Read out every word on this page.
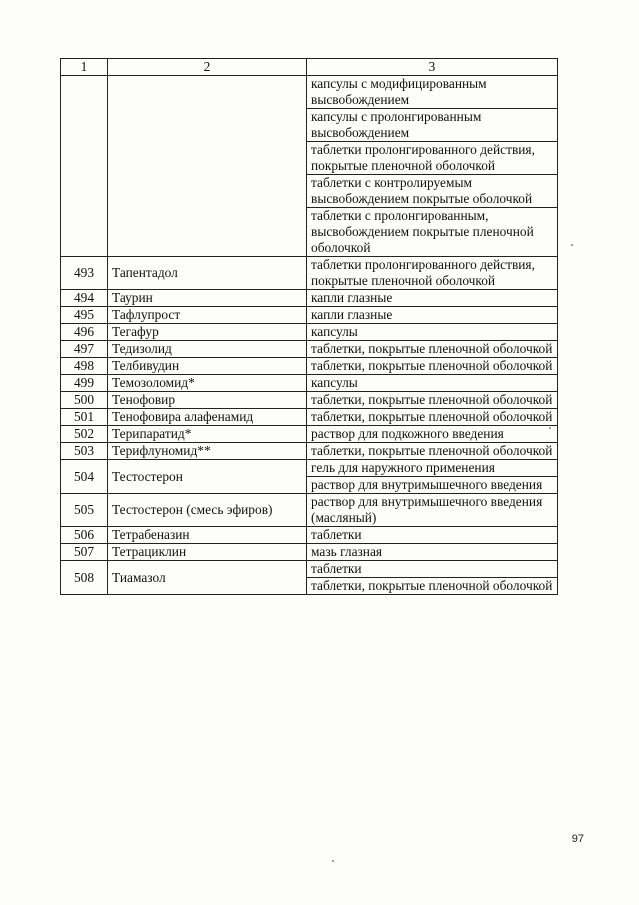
1	2	3
		капсулы с модифицированным высвобождением
		капсулы с пролонгированным высвобождением
		таблетки пролонгированного действия, покрытые пленочной оболочкой
		таблетки с контролируемым высвобождением покрытые оболочкой
		таблетки с пролонгированным, высвобождением покрытые пленочной оболочкой
493	Тапентадол	таблетки пролонгированного действия, покрытые пленочной оболочкой
494	Таурин	капли глазные
495	Тафлупрост	капли глазные
496	Тегафур	капсулы
497	Тедизолид	таблетки, покрытые пленочной оболочкой
498	Телбивудин	таблетки, покрытые пленочной оболочкой
499	Темозоломид*	капсулы
500	Тенофовир	таблетки, покрытые пленочной оболочкой
501	Тенофовира алафенамид	таблетки, покрытые пленочной оболочкой
502	Терипаратид*	раствор для подкожного введения
503	Терифлуномид**	таблетки, покрытые пленочной оболочкой
504	Тестостерон	гель для наружного применения
		раствор для внутримышечного введения
505	Тестостерон (смесь эфиров)	раствор для внутримышечного введения (масляный)
506	Тетрабеназин	таблетки
507	Тетрациклин	мазь глазная
508	Тиамазол	таблетки
		таблетки, покрытые пленочной оболочкой
97
